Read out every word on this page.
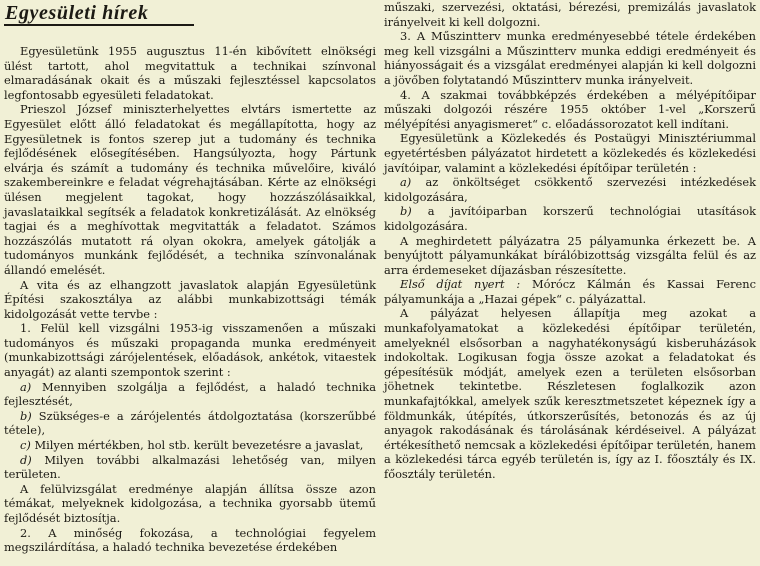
Egyesületi hírek

Egyesületünk 1955 augusztus 11-én kibővített elnökségi ülést tartott, ahol megvitattuk a technikai színvonal elmaradásának okait és a műszaki fejlesztéssel kapcsolatos legfontosabb egyesületi feladatokat.

Prieszol József miniszterhelyettes elvtárs ismertette az Egyesület előtt álló feladatokat és megállapította, hogy az Egyesületnek is fontos szerep jut a tudomány és technika fejlődésének elősegítésében. Hangsúlyozta, hogy Pártunk elvárja és számít a tudomány és technika művelőire, kiváló szakembereinkre e feladat végrehajtásában. Kérte az elnökségi ülésen megjelent tagokat, hogy hozzászólásaikkal, javaslataikkal segítsék a feladatok konkretizálását. Az elnökség tagjai és a meghívottak megvitatták a feladatot. Számos hozzászólás mutatott rá olyan okokra, amelyek gátolják a tudományos munkánk fejlődését, a technika színvonalának állandó emelését.

A vita és az elhangzott javaslatok alapján Egyesületünk Építési szakosztálya az alábbi munkabizottsági témák kidolgozását vette tervbe :

1. Felül kell vizsgálni 1953-ig visszamenően a műszaki tudományos és műszaki propaganda munka eredményeit (munkabizottsági zárójelentések, előadások, ankétok, vitaestek anyagát) az alanti szempontok szerint :

a) Mennyiben szolgálja a fejlődést, a haladó technika fejlesztését,

b) Szükséges-e a zárójelentés átdolgoztatása (korszerűbbé tétele),

c) Milyen mértékben, hol stb. került bevezetésre a javaslat,

d) Milyen további alkalmazási lehetőség van, milyen területen.

A felülvizsgálat eredménye alapján állítsa össze azon témákat, melyeknek kidolgozása, a technika gyorsabb ütemű fejlődését biztosítja.

2. A minőség fokozása, a technológiai fegyelem megszilárdítása, a haladó technika bevezetése érdekében

műszaki, szervezési, oktatási, bérezési, premizálás javaslatok irányelveit ki kell dolgozni.

3. A Műszintterv munka eredményesebbé tétele érdekében meg kell vizsgálni a Műszintterv munka eddigi eredményeit és hiányosságait és a vizsgálat eredményei alapján ki kell dolgozni a jövőben folytatandó Műszintterv munka irányelveit.

4. A szakmai továbbképzés érdekében a mélyépítőipar műszaki dolgozói részére 1955 október 1-vel „Korszerű mélyépítési anyagismeret“ c. előadássorozatot kell indítani.

Egyesületünk a Közlekedés és Postaügyi Minisztériummal egyetértésben pályázatot hirdetett a közlekedés és közlekedési javítóipar, valamint a közlekedési építőipar területén :

a) az önköltséget csökkentő szervezési intézkedések kidolgozására,

b) a javítóiparban korszerű technológiai utasítások kidolgozására.

A meghirdetett pályázatra 25 pályamunka érkezett be. A benyújtott pályamunkákat bírálóbizottság vizsgálta felül és az arra érdemeseket díjazásban részesítette.

Első díjat nyert : Mórócz Kálmán és Kassai Ferenc pályamunkája a „Hazai gépek“ c. pályázattal.

A pályázat helyesen állapítja meg azokat a munkafolyamatokat a közlekedési építőipar területén, amelyeknél elsősorban a nagyhatékonyságú kisberuházások indokoltak. Logikusan fogja össze azokat a feladatokat és gépesítésük módját, amelyek ezen a területen elsősorban jöhetnek tekintetbe. Részletesen foglalkozik azon munkafajtókkal, amelyek szűk keresztmetszetet képeznek így a földmunkák, útépítés, útkorszerűsítés, betonozás és az új anyagok rakodásának és tárolásának kérdéseivel. A pályázat értékesíthető nemcsak a közlekedési építőipar területén, hanem a közlekedési tárca egyéb területén is, így az I. főosztály és IX. főosztály területén.
